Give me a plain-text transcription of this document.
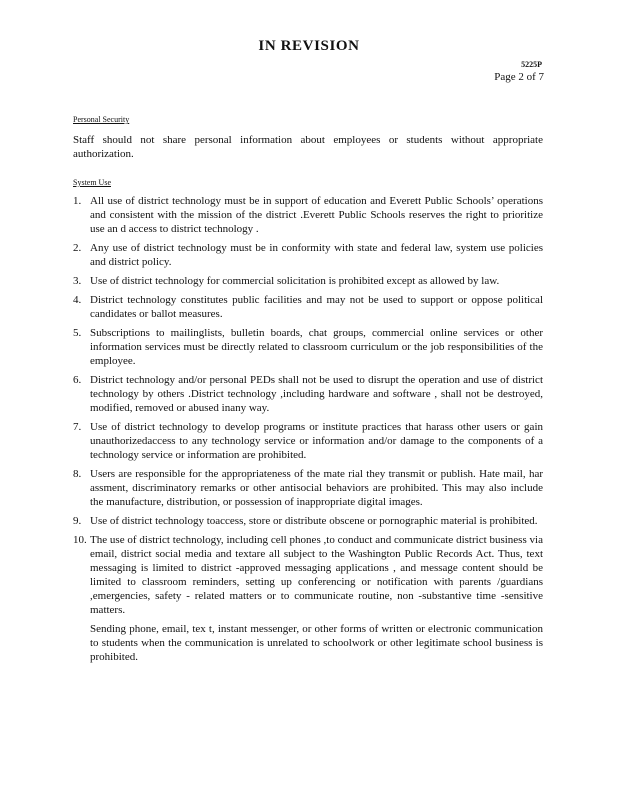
IN REVISION
5225P
Page 2 of 7
Personal Security
Staff should not share personal information about employees or students without appropriate authorization.
System Use
1. All use of district technology must be in support of education and Everett Public Schools’ operations and consistent with the mission of the district .Everett Public Schools reserves the right to prioritize use an d access to district technology .
2. Any use of district technology must be in conformity with state and federal law, system use policies and district policy.
3. Use of district technology for commercial solicitation is prohibited except as allowed by law.
4. District technology constitutes public facilities and may not be used to support or oppose political candidates or ballot measures.
5. Subscriptions to mailinglists, bulletin boards, chat groups, commercial online services or other information services must be directly related to classroom curriculum or the job responsibilities of the employee.
6. District technology and/or personal PEDs shall not be used to disrupt the operation and use of district technology by others .District technology ,including hardware and software , shall not be destroyed, modified, removed or abused inany way.
7. Use of district technology to develop programs or institute practices that harass other users or gain unauthorizedaccess to any technology service or information and/or damage to the components of a technology service or information are prohibited.
8. Users are responsible for the appropriateness of the mate rial they transmit or publish. Hate mail, har assment, discriminatory remarks or other antisocial behaviors are prohibited. This may also include the manufacture, distribution, or possession of inappropriate digital images.
9. Use of district technology toaccess, store or distribute obscene or pornographic material is prohibited.
10. The use of district technology, including cell phones ,to conduct and communicate district business via email, district social media and textare all subject to the Washington Public Records Act. Thus, text messaging is limited to district -approved messaging applications , and message content should be limited to classroom reminders, setting up conferencing or notification with parents /guardians ,emergencies, safety - related matters or to communicate routine, non -substantive time -sensitive matters.
Sending phone, email, tex t, instant messenger, or other forms of written or electronic communication to students when the communication is unrelated to schoolwork or other legitimate school business is prohibited.
